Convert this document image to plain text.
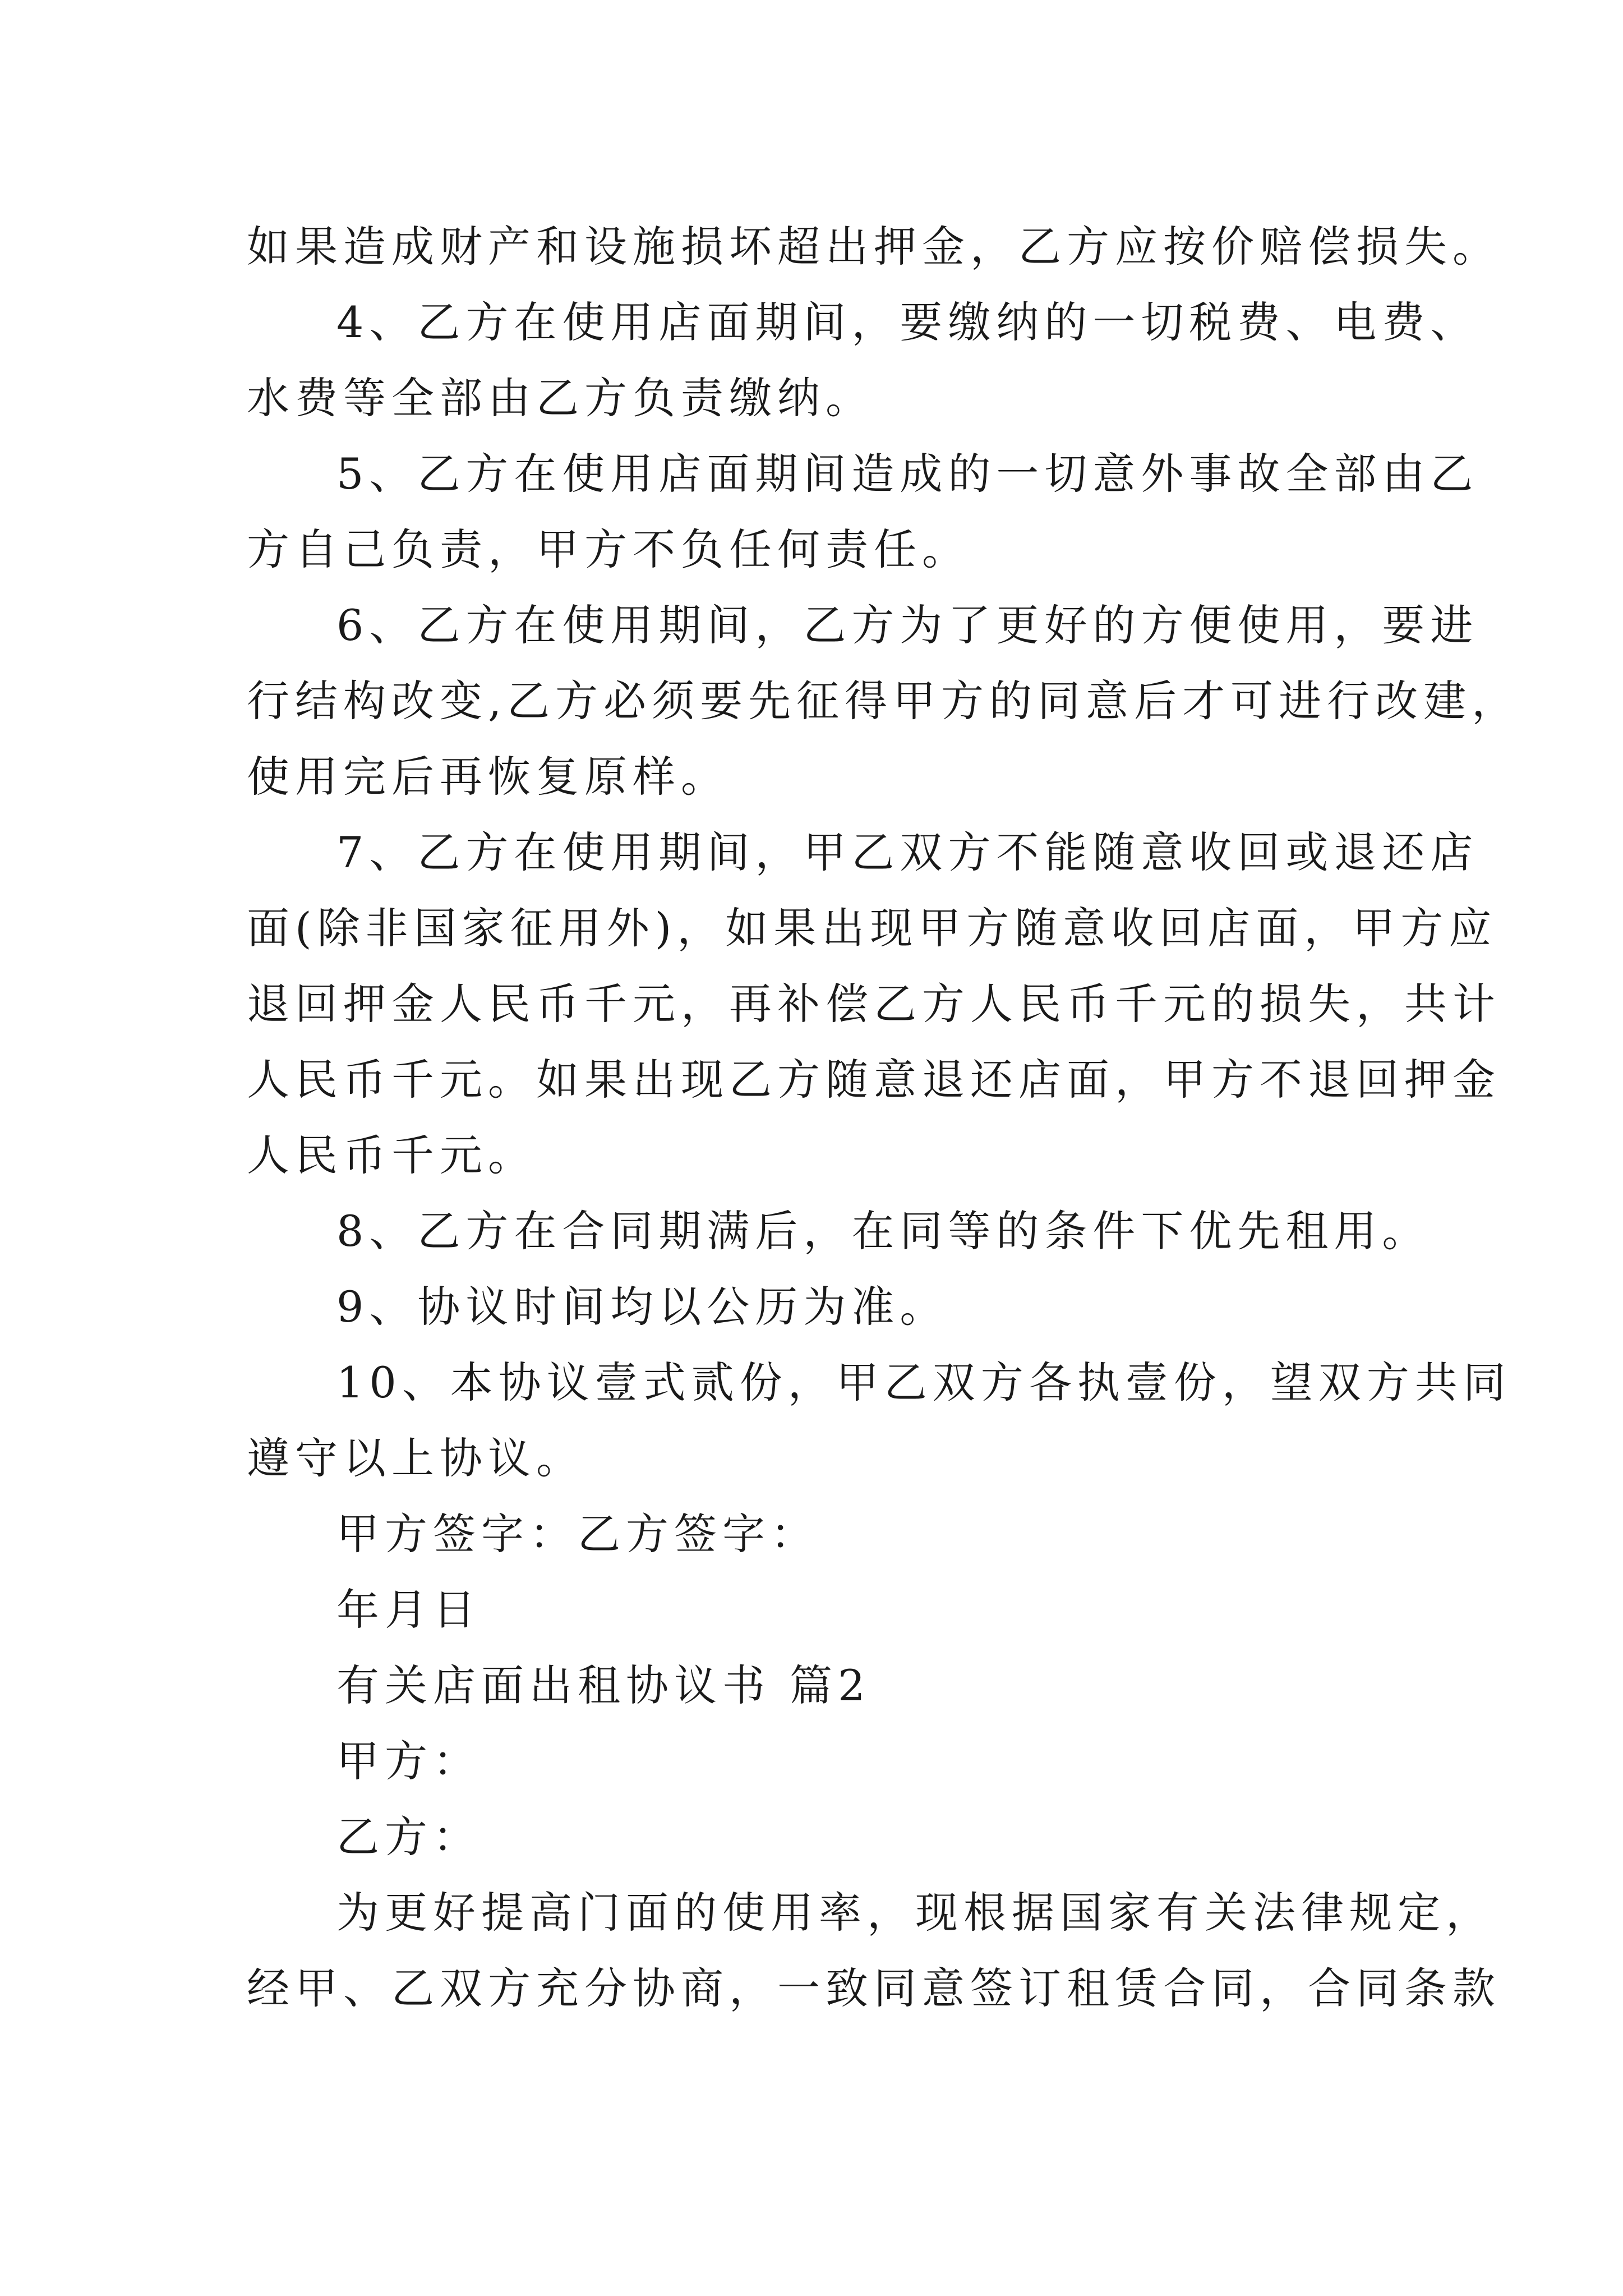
如果造成财产和设施损坏超出押金，乙方应按价赔偿损失。
4、乙方在使用店面期间，要缴纳的一切税费、电费、
水费等全部由乙方负责缴纳。
5、乙方在使用店面期间造成的一切意外事故全部由乙
方自己负责，甲方不负任何责任。
6、乙方在使用期间，乙方为了更好的方便使用，要进
行结构改变,乙方必须要先征得甲方的同意后才可进行改建，
使用完后再恢复原样。
7、乙方在使用期间，甲乙双方不能随意收回或退还店
面(除非国家征用外)，如果出现甲方随意收回店面，甲方应
退回押金人民币千元，再补偿乙方人民币千元的损失，共计
人民币千元。如果出现乙方随意退还店面，甲方不退回押金
人民币千元。
8、乙方在合同期满后，在同等的条件下优先租用。
9、协议时间均以公历为准。
10、本协议壹式贰份，甲乙双方各执壹份，望双方共同
遵守以上协议。
甲方签字：乙方签字：
年月日
有关店面出租协议书 篇2
甲方：
乙方：
为更好提高门面的使用率，现根据国家有关法律规定，
经甲、乙双方充分协商，一致同意签订租赁合同，合同条款
